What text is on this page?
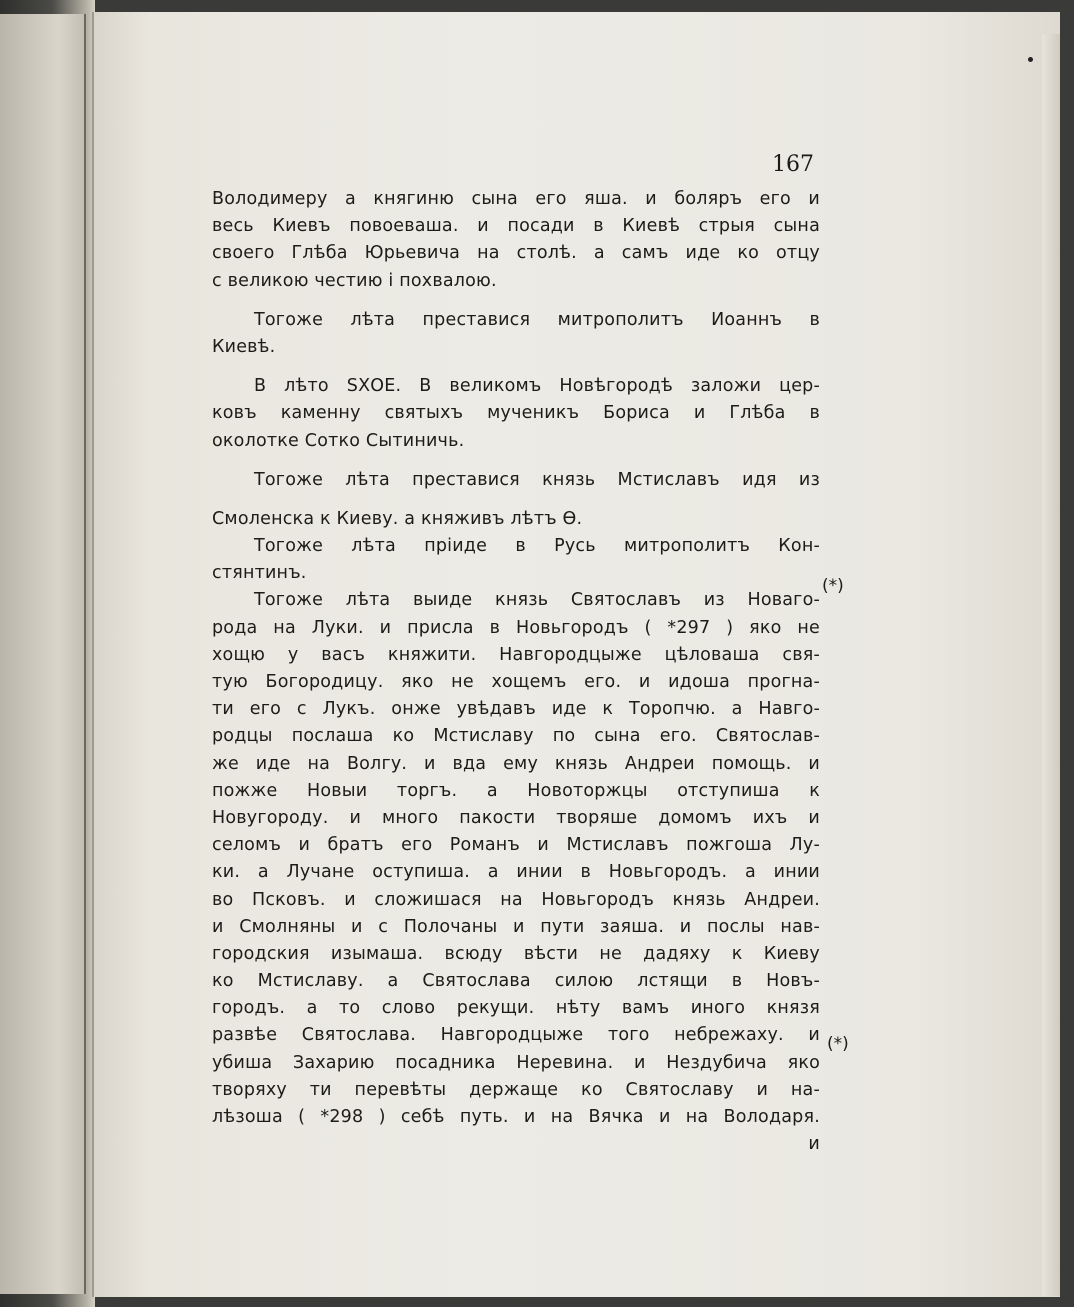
167
Володимеру а княгиню сына его яша. и боляръ его и
весь Киевъ повоеваша. и посади в Киевѣ стрыя сына
своего Глѣба Юрьевича на столѣ. а самъ иде ко отцу
с великою честию і похвалою.
Тогоже лѣта преставися митрополитъ Иоаннъ в
Киевѣ.
В лѣто ЅХОЕ. В великомъ Новѣгородѣ заложи цер-
ковъ каменну святыхъ мученикъ Бориса и Глѣба в
околотке Сотко Сытиничь.
Тогоже лѣта преставися князь Мстиславъ идя из
Смоленска к Киеву. а княживъ лѣтъ Ѳ.
Тогоже лѣта пріиде в Русь митрополитъ Кон-
стянтинъ.
Тогоже лѣта выиде князь Святославъ из Новаго-
рода на Луки. и присла в Новьгородъ ( *297 ) яко не
хощю у васъ княжити. Навгородцыже цѣловаша свя-
тую Богородицу. яко не хощемъ его. и идоша прогна-
ти его с Лукъ. онже увѣдавъ иде к Торопчю. а Навго-
родцы послаша ко Мстиславу по сына его. Святослав-
же иде на Волгу. и вда ему князь Андреи помощь. и
пожже Новыи торгъ. а Новоторжцы отступиша к
Новугороду. и много пакости творяше домомъ ихъ и
селомъ и братъ его Романъ и Мстиславъ пожгоша Лу-
ки. а Лучане оступиша. а инии в Новьгородъ. а инии
во Псковъ. и сложишася на Новьгородъ князь Андреи.
и Смолняны и с Полочаны и пути заяша. и послы нав-
городския изымаша. всюду вѣсти не дадяху к Киеву
ко Мстиславу. а Святослава силою лстящи в Новъ-
городъ. а то слово рекущи. нѣту вамъ иного князя
развѣе Святослава. Навгородцыже того небрежаху. и
убиша Захарию посадника Неревина. и Нездубича яко
творяху ти перевѣты держаще ко Святославу и на-
лѣзоша ( *298 ) себѣ путь. и на Вячка и на Володаря.
и
(*)
(*)
